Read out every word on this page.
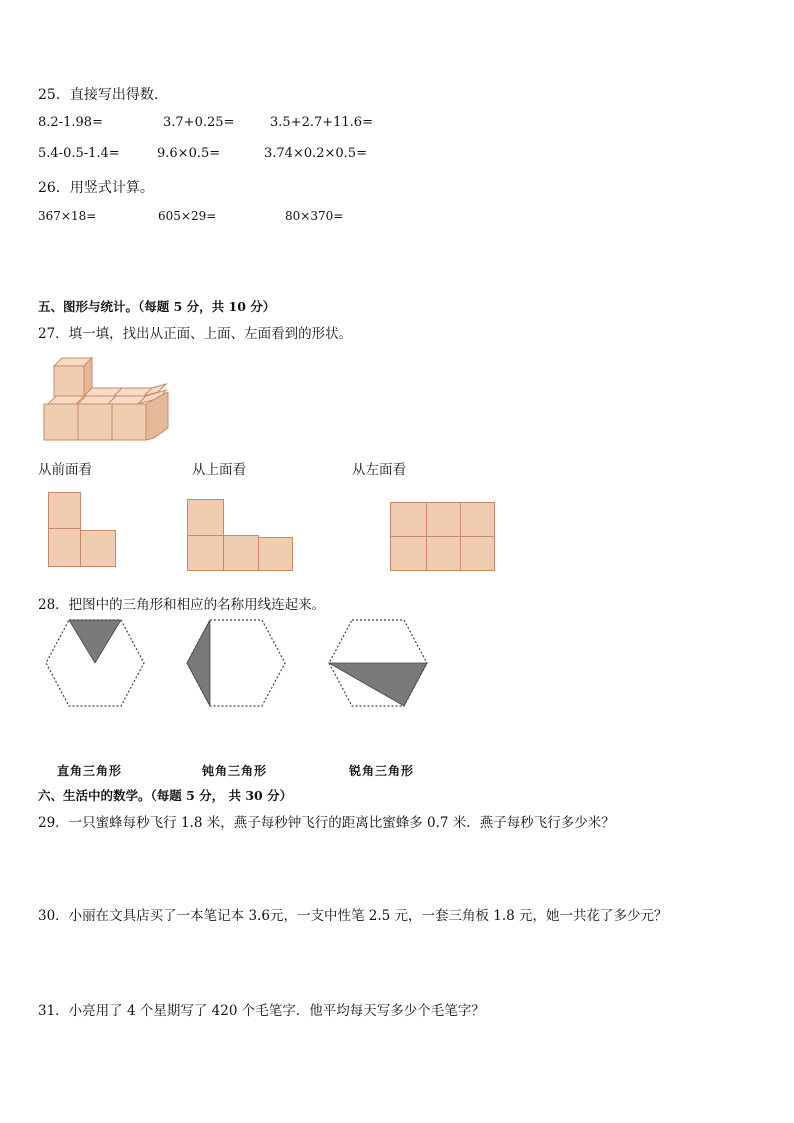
25．直接写出得数.
8.2-1.98=	3.7+0.25=	3.5+2.7+11.6=
5.4-0.5-1.4=	9.6×0.5=	3.74×0.2×0.5=
26．用竖式计算。
367×18=	605×29=	80×370=
五、图形与统计。（每题 5 分，共 10 分）
27．填一填，找出从正面、上面、左面看到的形状。
从前面看	从上面看	从左面看
28．把图中的三角形和相应的名称用线连起来。
直角三角形	钝角三角形	锐角三角形
六、生活中的数学。（每题 5 分， 共 30 分）
29．一只蜜蜂每秒飞行 1.8 米，燕子每秒钟飞行的距离比蜜蜂多 0.7 米．燕子每秒飞行多少米？
30．小丽在文具店买了一本笔记本 3.6元，一支中性笔 2.5 元，一套三角板 1.8 元，她一共花了多少元？
31．小亮用了 4 个星期写了 420 个毛笔字．他平均每天写多少个毛笔字？
